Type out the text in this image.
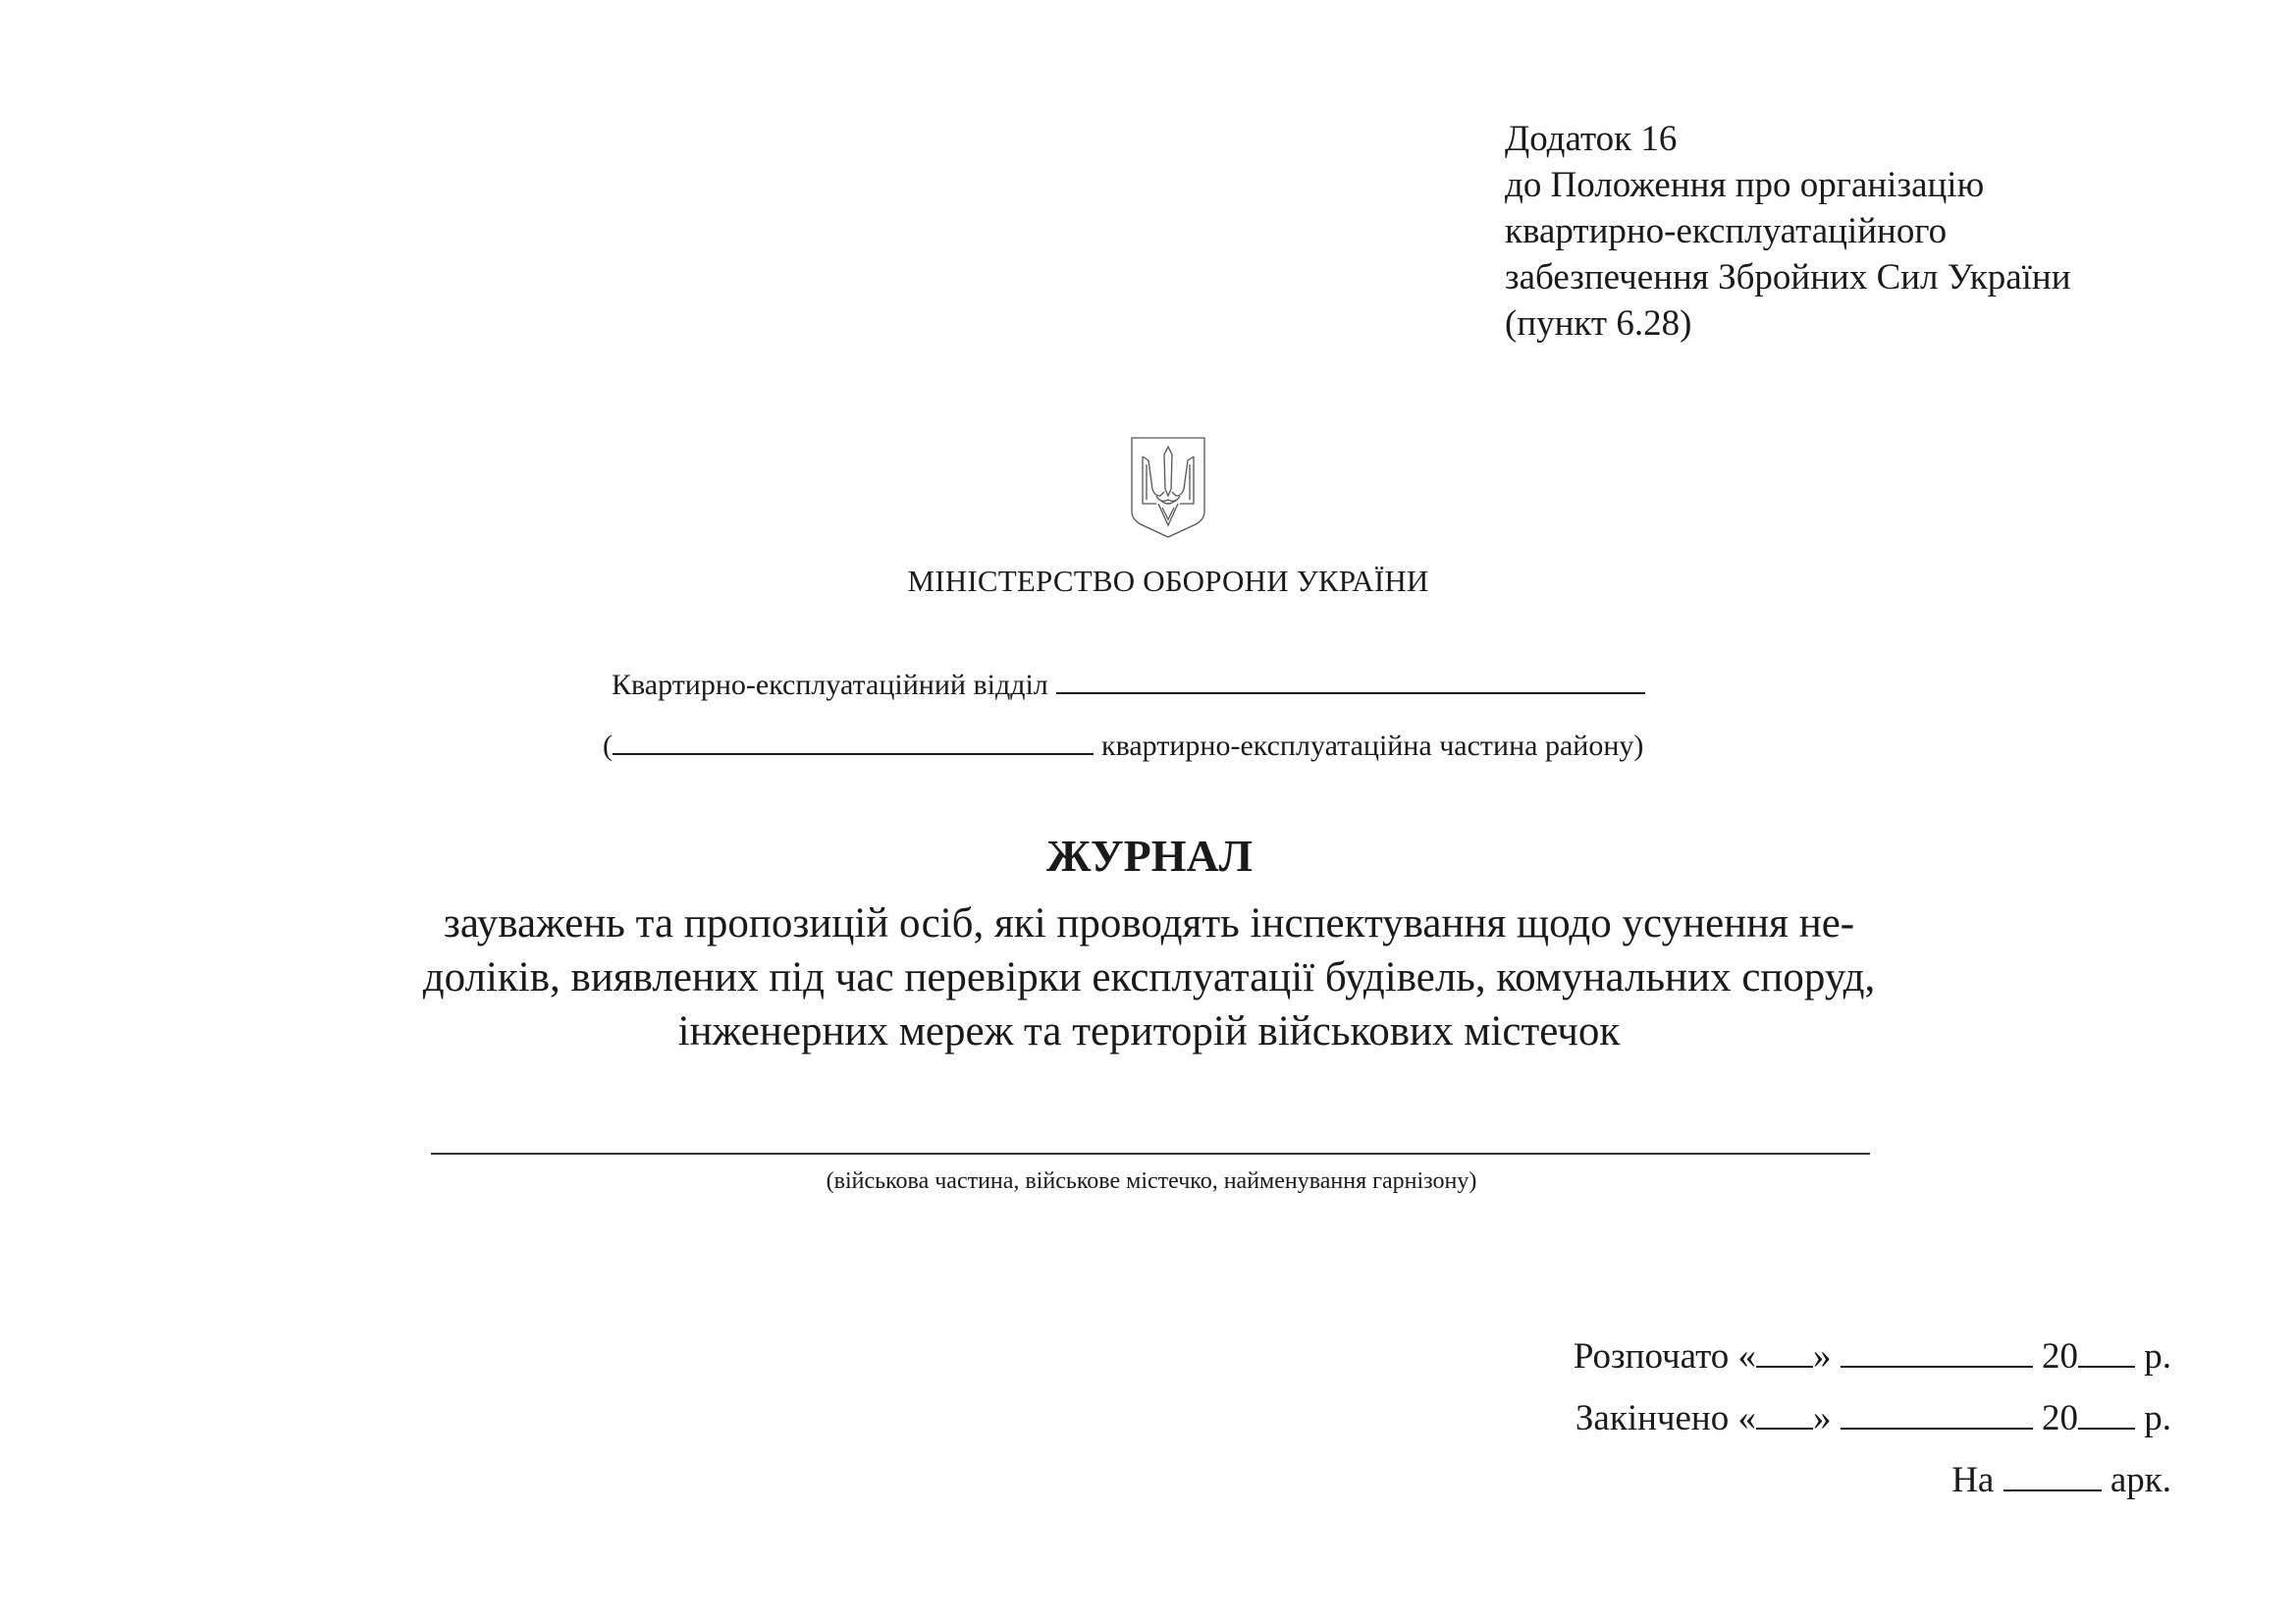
Додаток 16
до Положення про організацію
квартирно-експлуатаційного
забезпечення Збройних Сил України
(пункт 6.28)
МІНІСТЕРСТВО ОБОРОНИ УКРАЇНИ
Квартирно-експлуатаційний відділ
(	квартирно-експлуатаційна частина району)
ЖУРНАЛ
зауважень та пропозицій осіб, які проводять інспектування щодо усунення не-
доліків, виявлених під час перевірки експлуатації будівель, комунальних споруд,
інженерних мереж та територій військових містечок
(військова частина, військове містечко, найменування гарнізону)
Розпочато « »	20 р.
Закінчено « »	20 р.
На	арк.
